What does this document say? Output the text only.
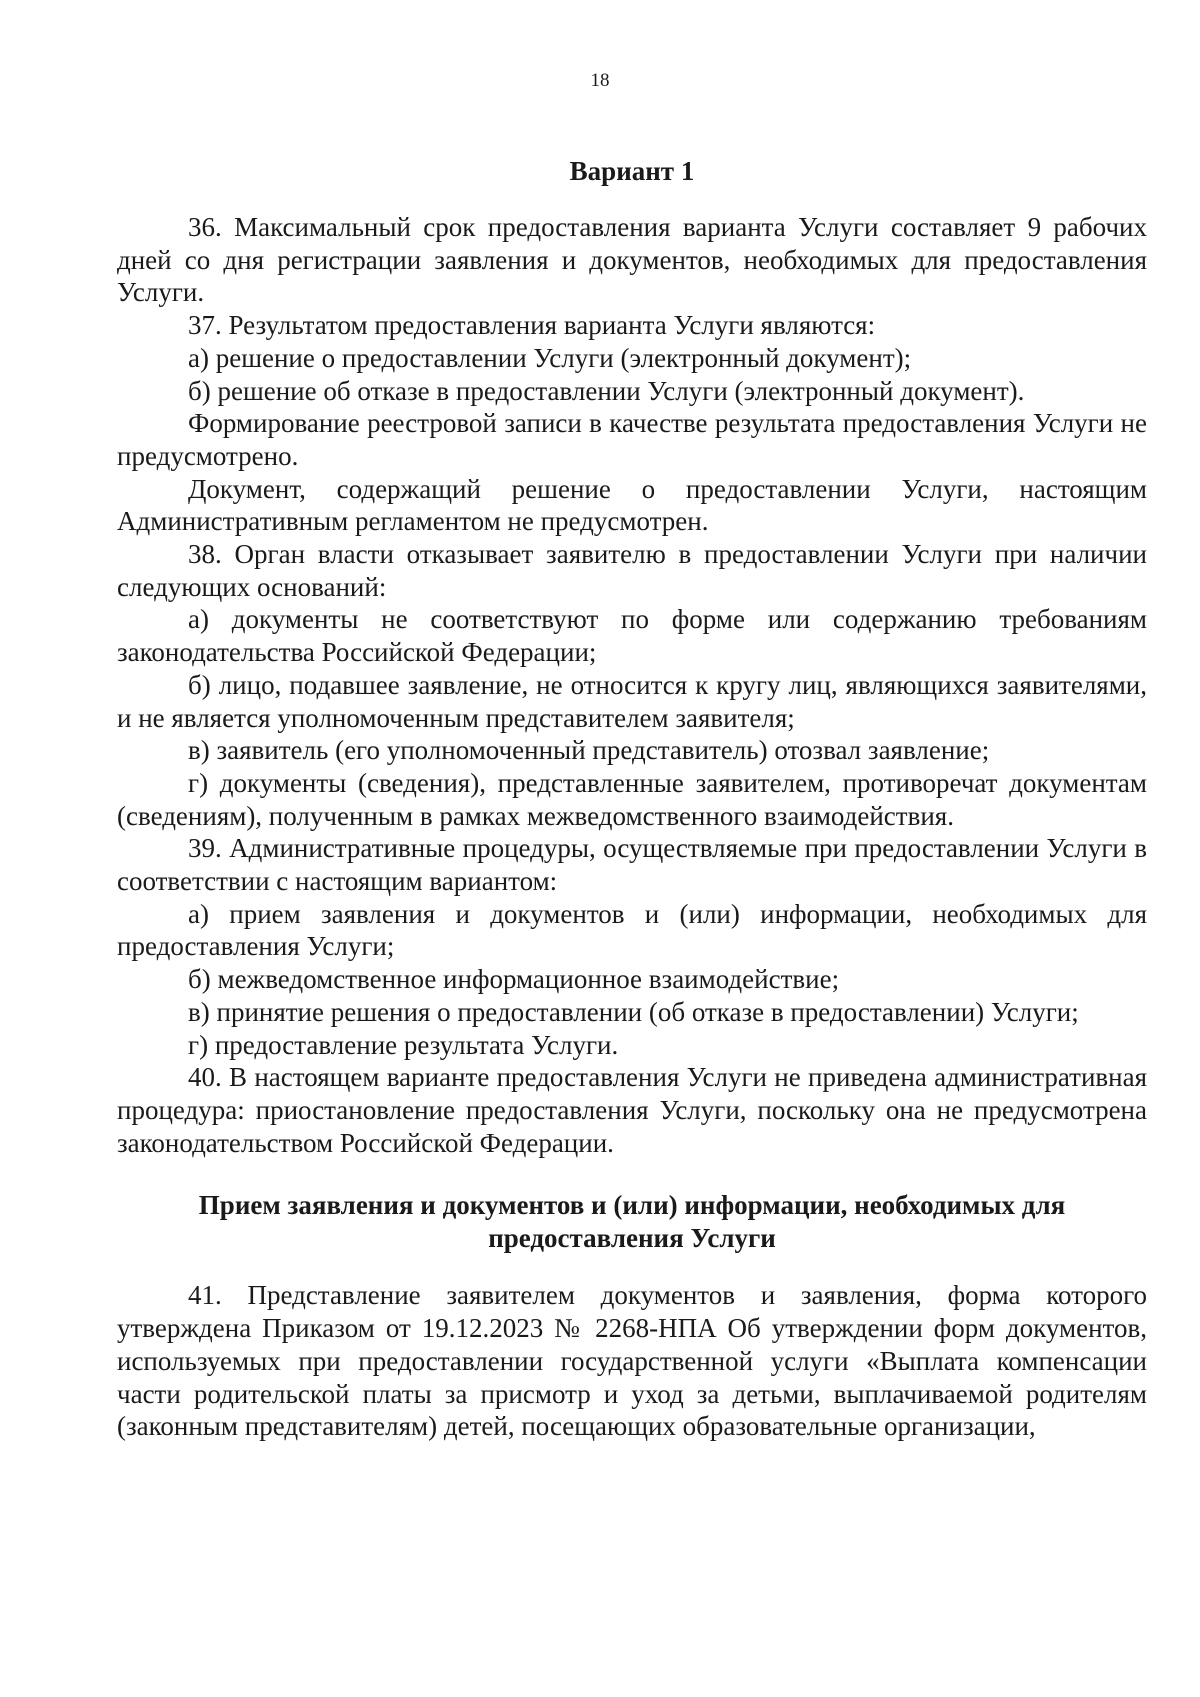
18
Вариант 1

36. Максимальный срок предоставления варианта Услуги составляет 9 рабочих дней со дня регистрации заявления и документов, необходимых для предоставления Услуги.

37. Результатом предоставления варианта Услуги являются:

а) решение о предоставлении Услуги (электронный документ);

б) решение об отказе в предоставлении Услуги (электронный документ).

Формирование реестровой записи в качестве результата предоставления Услуги не предусмотрено.

Документ, содержащий решение о предоставлении Услуги, настоящим Административным регламентом не предусмотрен.

38. Орган власти отказывает заявителю в предоставлении Услуги при наличии следующих оснований:

а) документы не соответствуют по форме или содержанию требованиям законодательства Российской Федерации;

б) лицо, подавшее заявление, не относится к кругу лиц, являющихся заявителями, и не является уполномоченным представителем заявителя;

в) заявитель (его уполномоченный представитель) отозвал заявление;

г) документы (сведения), представленные заявителем, противоречат документам (сведениям), полученным в рамках межведомственного взаимодействия.

39. Административные процедуры, осуществляемые при предоставлении Услуги в соответствии с настоящим вариантом:

а) прием заявления и документов и (или) информации, необходимых для предоставления Услуги;

б) межведомственное информационное взаимодействие;

в) принятие решения о предоставлении (об отказе в предоставлении) Услуги;

г) предоставление результата Услуги.

40. В настоящем варианте предоставления Услуги не приведена административная процедура: приостановление предоставления Услуги, поскольку она не предусмотрена законодательством Российской Федерации.

Прием заявления и документов и (или) информации, необходимых для предоставления Услуги

41. Представление заявителем документов и заявления, форма которого утверждена Приказом от 19.12.2023 № 2268-НПА Об утверждении форм документов, используемых при предоставлении государственной услуги «Выплата компенсации части родительской платы за присмотр и уход за детьми, выплачиваемой родителям (законным представителям) детей, посещающих образовательные организации,
